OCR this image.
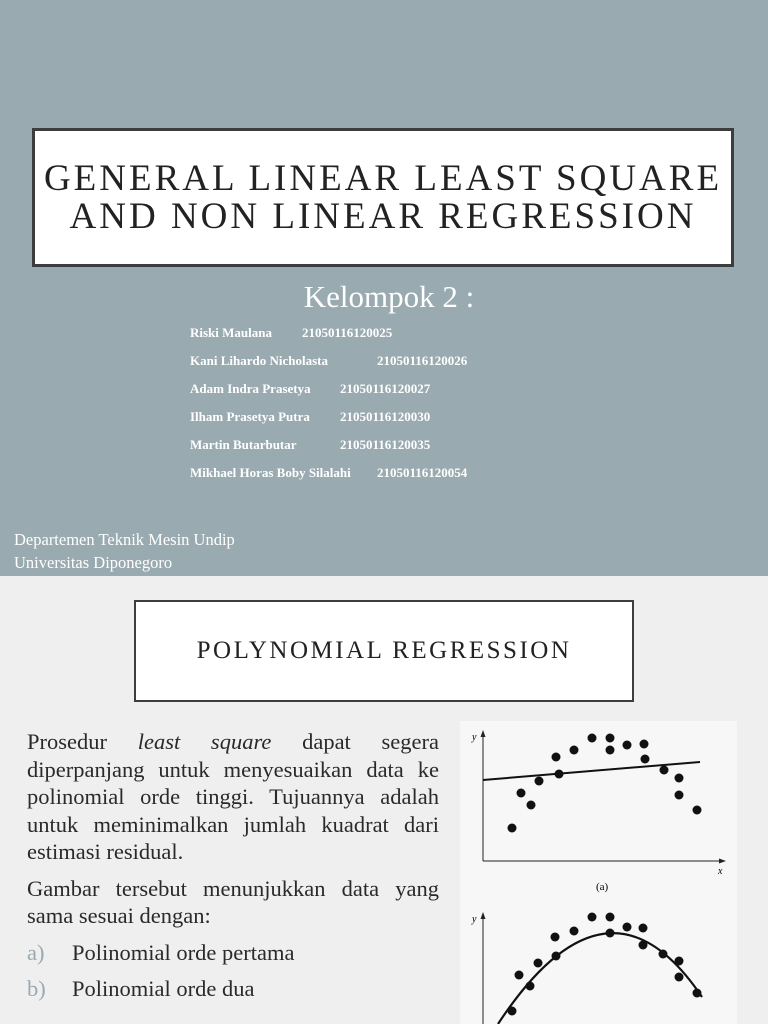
GENERAL LINEAR LEAST SQUARE
AND NON LINEAR REGRESSION
Kelompok 2 :
Riski Maulana 21050116120025
Kani Lihardo Nicholasta	21050116120026
Adam Indra Prasetya 21050116120027
Ilham Prasetya Putra 21050116120030
Martin Butarbutar	21050116120035
Mikhael Horas Boby Silalahi 21050116120054
Departemen Teknik Mesin Undip
Universitas Diponegoro
POLYNOMIAL REGRESSION

Prosedur least square dapat segera diperpanjang untuk menyesuaikan data ke polinomial orde tinggi. Tujuannya adalah untuk meminimalkan jumlah kuadrat dari estimasi residual.

Gambar tersebut menunjukkan data yang sama sesuai dengan:

a) Polinomial orde pertama
b) Polinomial orde dua
y
x
(a)
y
